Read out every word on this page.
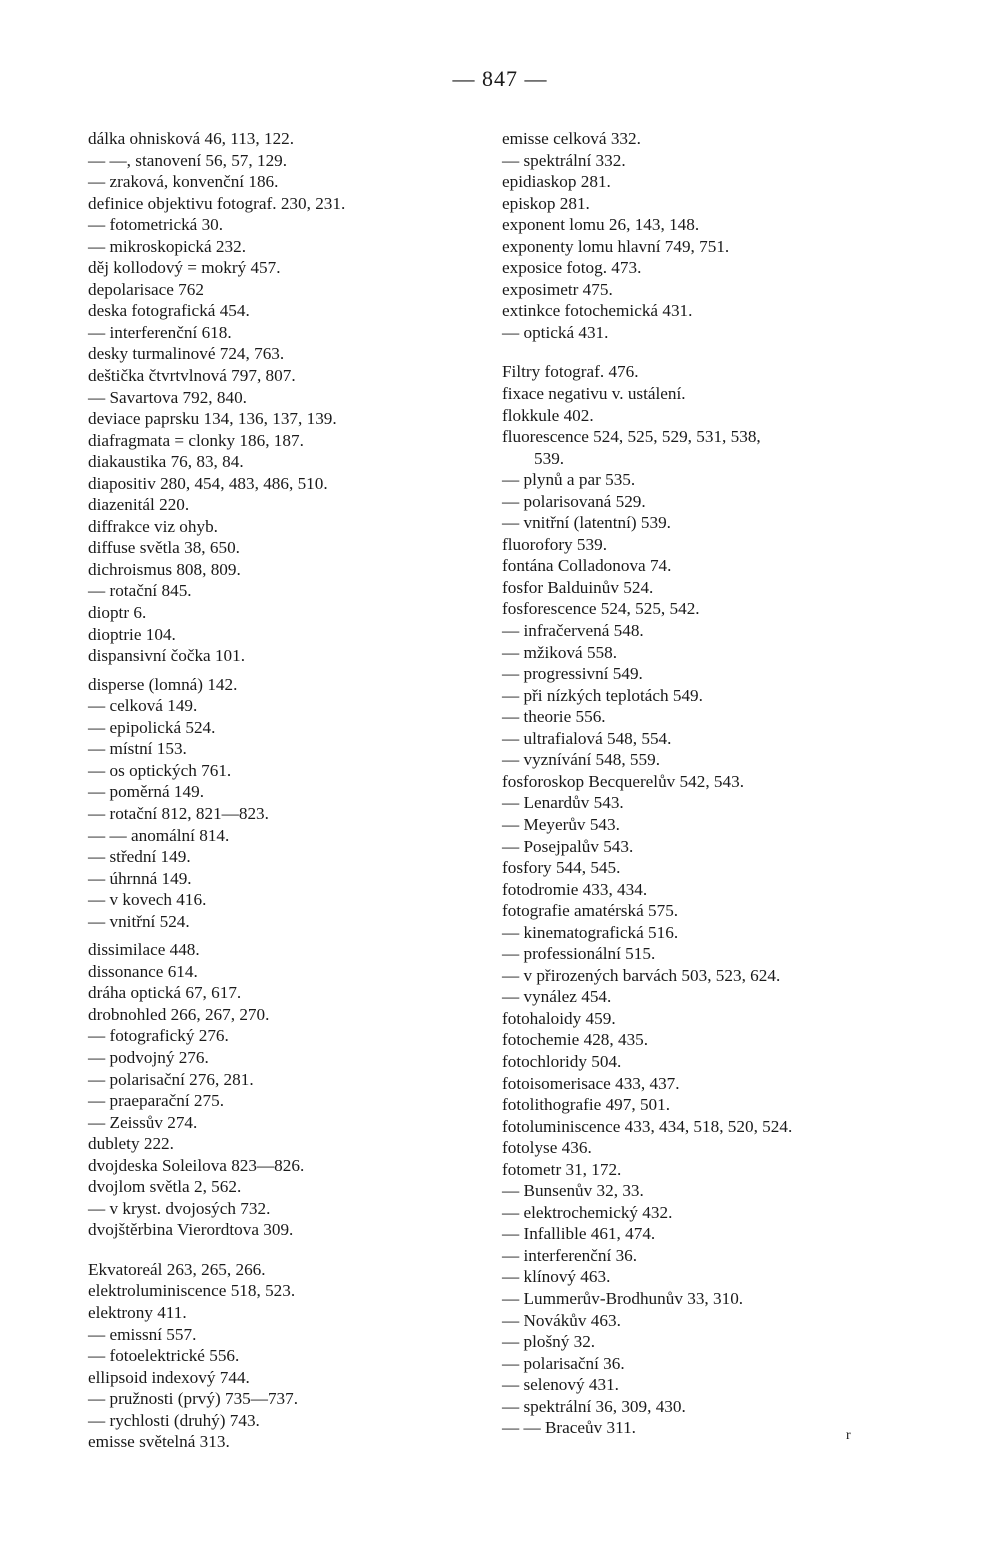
— 847 —
dálka ohnisková 46, 113, 122.
— —, stanovení 56, 57, 129.
— zraková, konvenční 186.
definice objektivu fotograf. 230, 231.
— fotometrická 30.
— mikroskopická 232.
děj kollodový = mokrý 457.
depolarisace 762
deska fotografická 454.
— interferenční 618.
desky turmalinové 724, 763.
deštička čtvrtvlnová 797, 807.
— Savartova 792, 840.
deviace paprsku 134, 136, 137, 139.
diafragmata = clonky 186, 187.
diakaustika 76, 83, 84.
diapositiv 280, 454, 483, 486, 510.
diazenitál 220.
diffrakce viz ohyb.
diffuse světla 38, 650.
dichroismus 808, 809.
— rotační 845.
dioptr 6.
dioptrie 104.
dispansivní čočka 101.
disperse (lomná) 142.
— celková 149.
— epipolická 524.
— místní 153.
— os optických 761.
— poměrná 149.
— rotační 812, 821—823.
— — anomální 814.
— střední 149.
— úhrnná 149.
— v kovech 416.
— vnitřní 524.
dissimilace 448.
dissonance 614.
dráha optická 67, 617.
drobnohled 266, 267, 270.
— fotografický 276.
— podvojný 276.
— polarisační 276, 281.
— praeparační 275.
— Zeissův 274.
dublety 222.
dvojdeska Soleilova 823—826.
dvojlom světla 2, 562.
— v kryst. dvojosých 732.
dvojštěrbina Vierordtova 309.
Ekvatoreál 263, 265, 266.
elektroluminiscence 518, 523.
elektrony 411.
— emissní 557.
— fotoelektrické 556.
ellipsoid indexový 744.
— pružnosti (prvý) 735—737.
— rychlosti (druhý) 743.
emisse světelná 313.
emisse celková 332.
— spektrální 332.
epidiaskop 281.
episkop 281.
exponent lomu 26, 143, 148.
exponenty lomu hlavní 749, 751.
exposice fotog. 473.
exposimetr 475.
extinkce fotochemická 431.
— optická 431.
Filtry fotograf. 476.
fixace negativu v. ustálení.
flokkule 402.
fluorescence 524, 525, 529, 531, 538,
539.
— plynů a par 535.
— polarisovaná 529.
— vnitřní (latentní) 539.
fluorofory 539.
fontána Colladonova 74.
fosfor Balduinův 524.
fosforescence 524, 525, 542.
— infračervená 548.
— mžiková 558.
— progressivní 549.
— při nízkých teplotách 549.
— theorie 556.
— ultrafialová 548, 554.
— vyznívání 548, 559.
fosforoskop Becquerelův 542, 543.
— Lenardův 543.
— Meyerův 543.
— Posejpalův 543.
fosfory 544, 545.
fotodromie 433, 434.
fotografie amatérská 575.
— kinematografická 516.
— professionální 515.
— v přirozených barvách 503, 523, 624.
— vynález 454.
fotohaloidy 459.
fotochemie 428, 435.
fotochloridy 504.
fotoisomerisace 433, 437.
fotolithografie 497, 501.
fotoluminiscence 433, 434, 518, 520, 524.
fotolyse 436.
fotometr 31, 172.
— Bunsenův 32, 33.
— elektrochemický 432.
— Infallible 461, 474.
— interferenční 36.
— klínový 463.
— Lummerův-Brodhunův 33, 310.
— Novákův 463.
— plošný 32.
— polarisační 36.
— selenový 431.
— spektrální 36, 309, 430.
— — Braceův 311.	r
